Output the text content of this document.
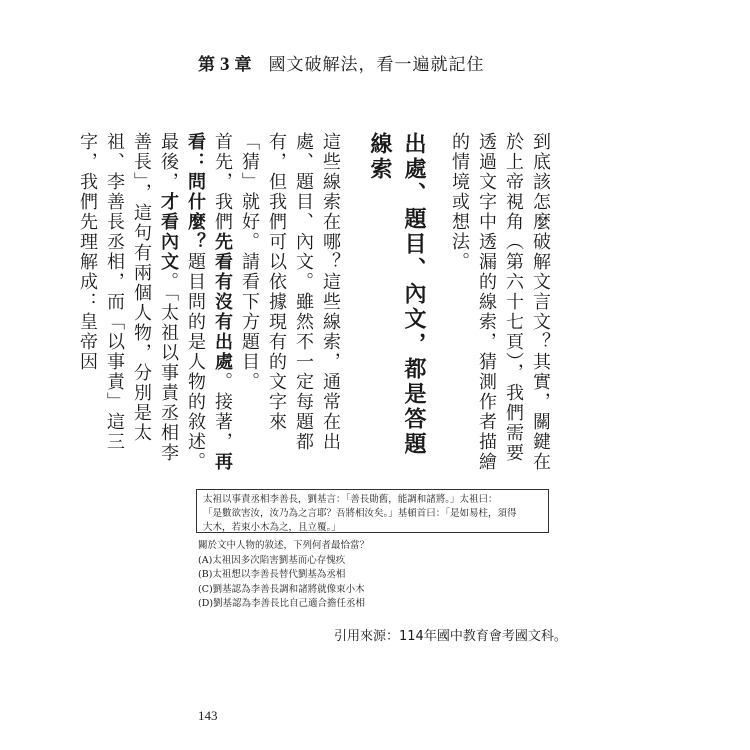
第 3 章 國文破解法，看一遍就記住

到底該怎麼破解文言文？其實，關鍵在於上帝視角（第六十七頁），我們需要透過文字中透漏的線索，猜測作者描繪的情境或想法。

出處、題目、內文，都是答題線索

這些線索在哪？這些線索，通常在出處、題目、內文。雖然不一定每題都有，但我們可以依據現有的文字來「猜」就好。請看下方題目。

首先，我們先看有沒有出處。接著，再看：問什麼？題目問的是人物的敘述。

最後，才看內文。「太祖以事責丞相李善長」，這句有兩個人物，分別是太祖、李善長丞相，而「以事責」這三字，我們先理解成：皇帝因

太祖以事責丞相李善長，劉基言：「善長勛舊，能調和諸將。」太祖曰：
「是數欲害汝，汝乃為之言耶？吾將相汝矣。」基頓首曰：「是如易柱，須得
大木，若束小木為之，且立覆。」
關於文中人物的敘述，下列何者最恰當？
(A)太祖因多次陷害劉基而心存愧疚
(B)太祖想以李善長替代劉基為丞相
(C)劉基認為李善長調和諸將就像束小木
(D)劉基認為李善長比自己適合擔任丞相
引用來源：114年國中教育會考國文科。
143
